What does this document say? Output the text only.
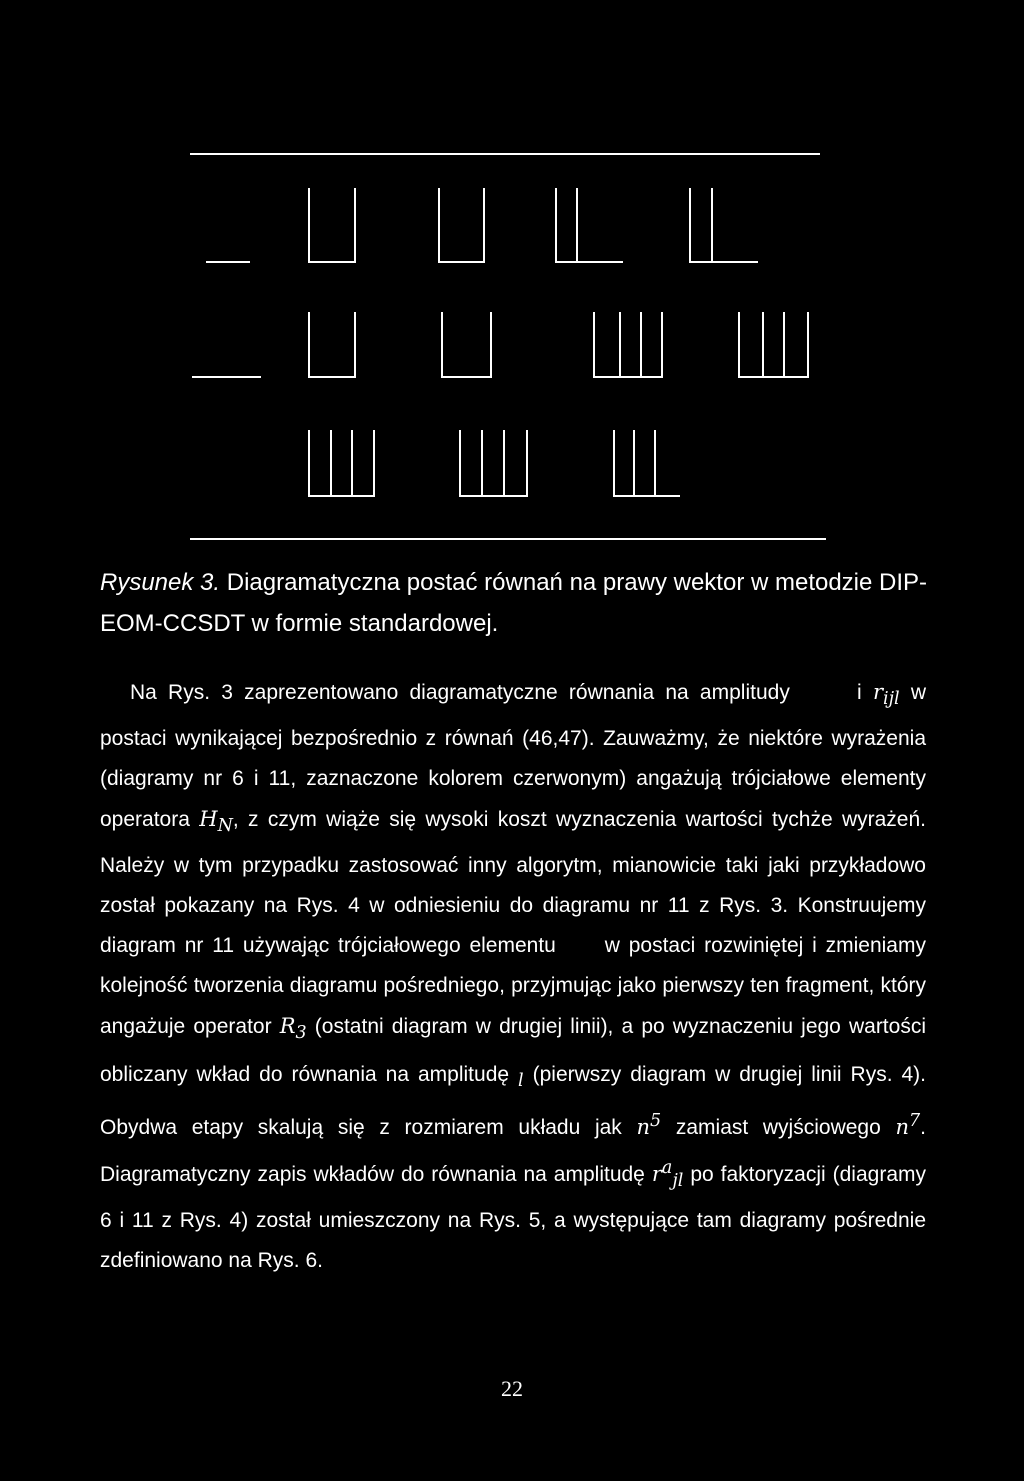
Rysunek 3. Diagramatyczna postać równań na prawy wektor w metodzie DIP-EOM-CCSDT w formie standardowej.
Na Rys. 3 zaprezentowano diagramatyczne równania na amplitudy	i $r_{ijl}$ w postaci wynikającej bezpośrednio z równań (46,47). Zauważmy, że niektóre wyrażenia (diagramy nr 6 i 11, zaznaczone kolorem czerwonym) angażują trójciałowe elementy operatora $H_N$, z czym wiąże się wysoki koszt wyznaczenia wartości tychże wyrażeń. Należy w tym przypadku zastosować inny algorytm, mianowicie taki jaki przykładowo został pokazany na Rys. 4 w odniesieniu do diagramu nr 11 z Rys. 3. Konstruujemy diagram nr 11 używając trójciałowego elementu w postaci rozwiniętej i zmieniamy kolejność tworzenia diagramu pośredniego, przyjmując jako pierwszy ten fragment, który angażuje operator $R_3$ (ostatni diagram w drugiej linii), a po wyznaczeniu jego wartości obliczany wkład do równania na amplitudę $_l$ (pierwszy diagram w drugiej linii Rys. 4). Obydwa etapy skalują się z rozmiarem układu jak $n^5$ zamiast wyjściowego $n^7$. Diagramatyczny zapis wkładów do równania na amplitudę $r^a_{jl}$ po faktoryzacji (diagramy 6 i 11 z Rys. 4) został umieszczony na Rys. 5, a występujące tam diagramy pośrednie zdefiniowano na Rys. 6.
22
